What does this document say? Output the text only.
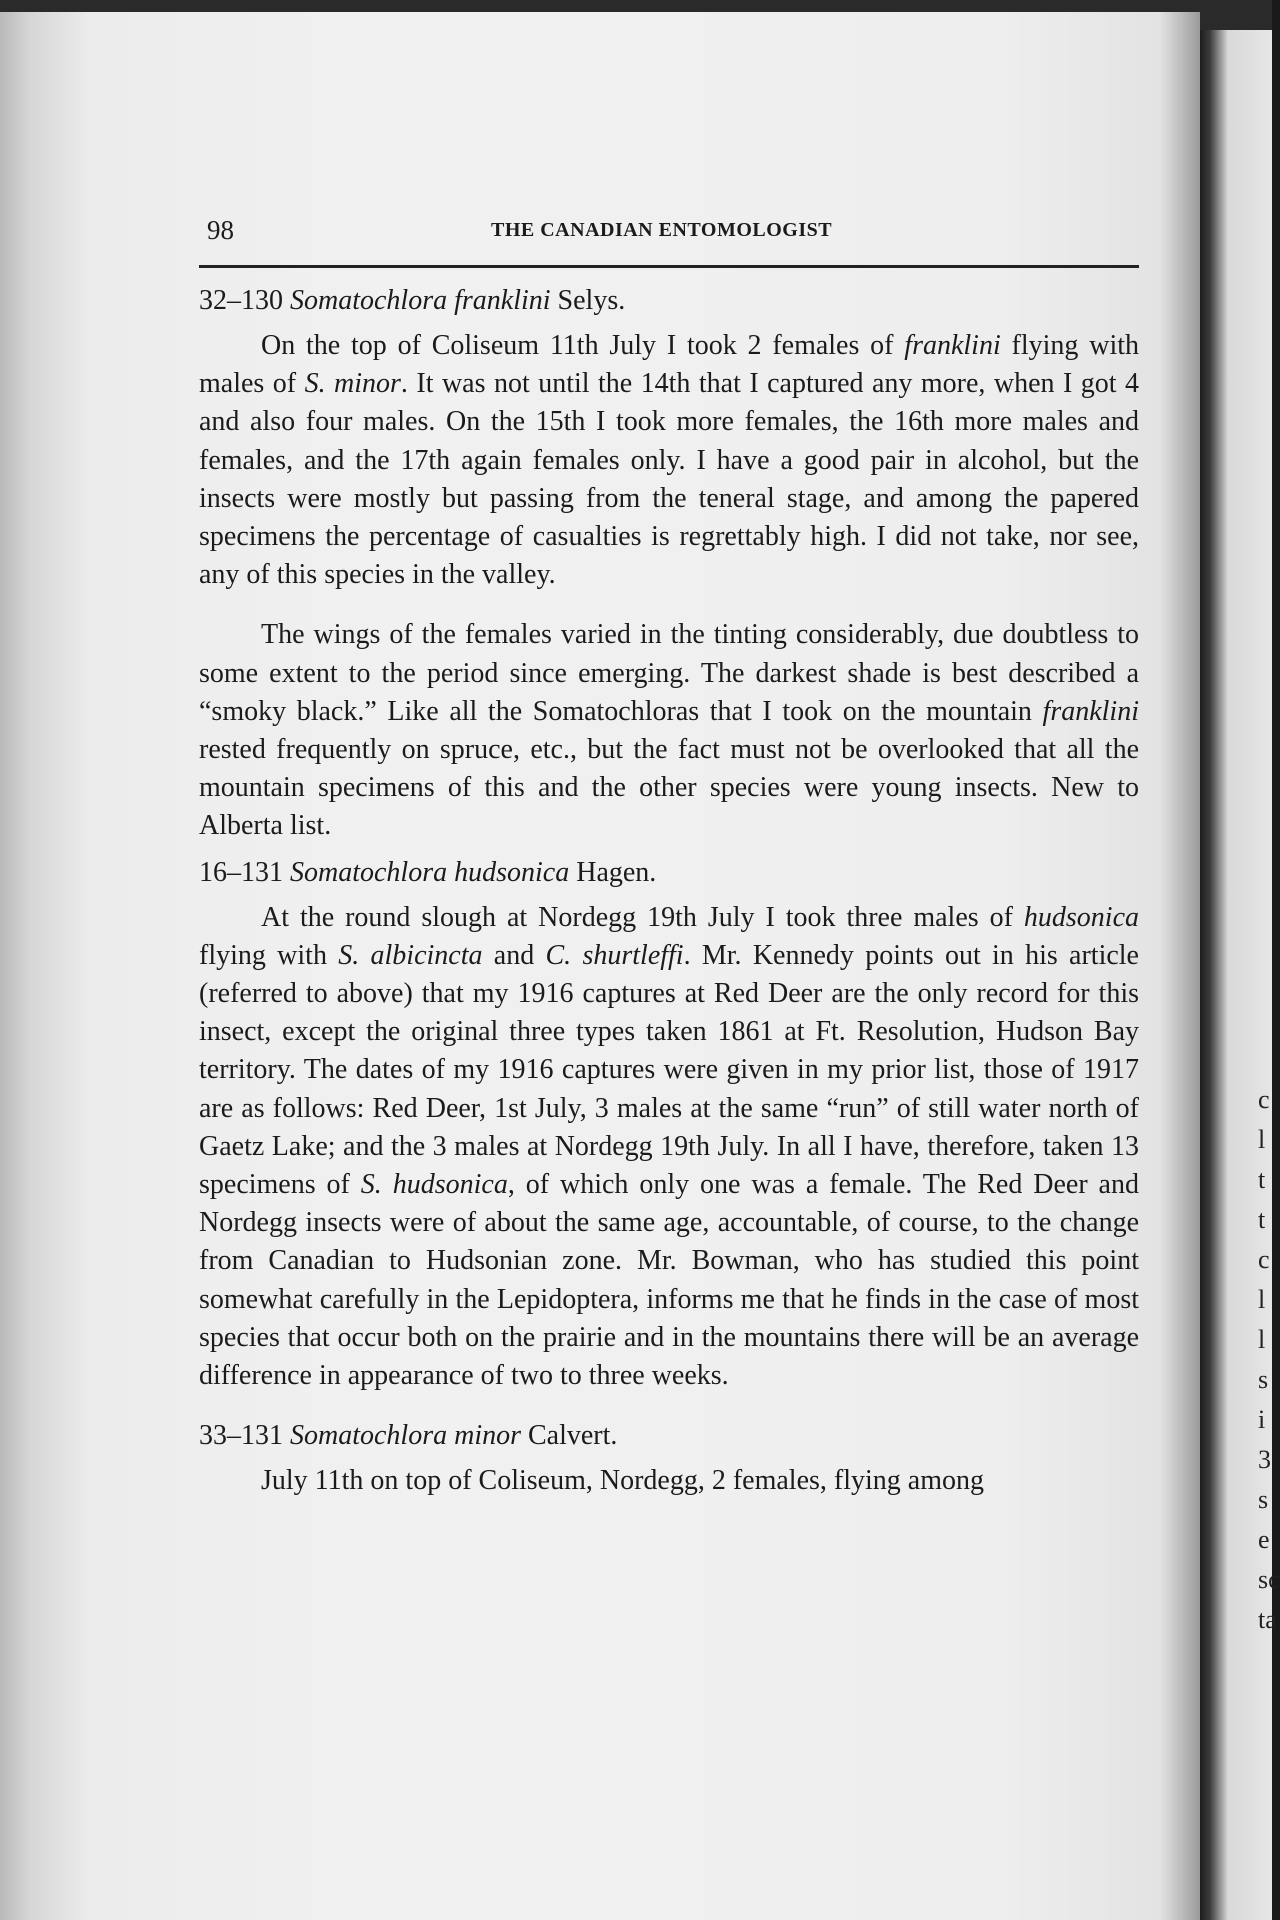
c
l
t
t
c
l
l
s
i
3
s
e
sc
ta
98	THE CANADIAN ENTOMOLOGIST

32–130 Somatochlora franklini Selys.

On the top of Coliseum 11th July I took 2 females of franklini flying with males of S. minor. It was not until the 14th that I captured any more, when I got 4 and also four males. On the 15th I took more females, the 16th more males and females, and the 17th again females only. I have a good pair in alcohol, but the insects were mostly but passing from the teneral stage, and among the papered specimens the percentage of casualties is regrettably high. I did not take, nor see, any of this species in the valley.

The wings of the females varied in the tinting considerably, due doubtless to some extent to the period since emerging. The darkest shade is best described a “smoky black.” Like all the Somatochloras that I took on the mountain franklini rested frequently on spruce, etc., but the fact must not be overlooked that all the mountain specimens of this and the other species were young insects. New to Alberta list.

16–131 Somatochlora hudsonica Hagen.

At the round slough at Nordegg 19th July I took three males of hudsonica flying with S. albicincta and C. shurtleffi. Mr. Kennedy points out in his article (referred to above) that my 1916 captures at Red Deer are the only record for this insect, except the original three types taken 1861 at Ft. Resolution, Hudson Bay territory. The dates of my 1916 captures were given in my prior list, those of 1917 are as follows: Red Deer, 1st July, 3 males at the same “run” of still water north of Gaetz Lake; and the 3 males at Nordegg 19th July. In all I have, therefore, taken 13 specimens of S. hudsonica, of which only one was a female. The Red Deer and Nordegg insects were of about the same age, accountable, of course, to the change from Canadian to Hudsonian zone. Mr. Bowman, who has studied this point somewhat carefully in the Lepidoptera, informs me that he finds in the case of most species that occur both on the prairie and in the mountains there will be an average difference in appearance of two to three weeks.

33–131 Somatochlora minor Calvert.

July 11th on top of Coliseum, Nordegg, 2 females, flying among
